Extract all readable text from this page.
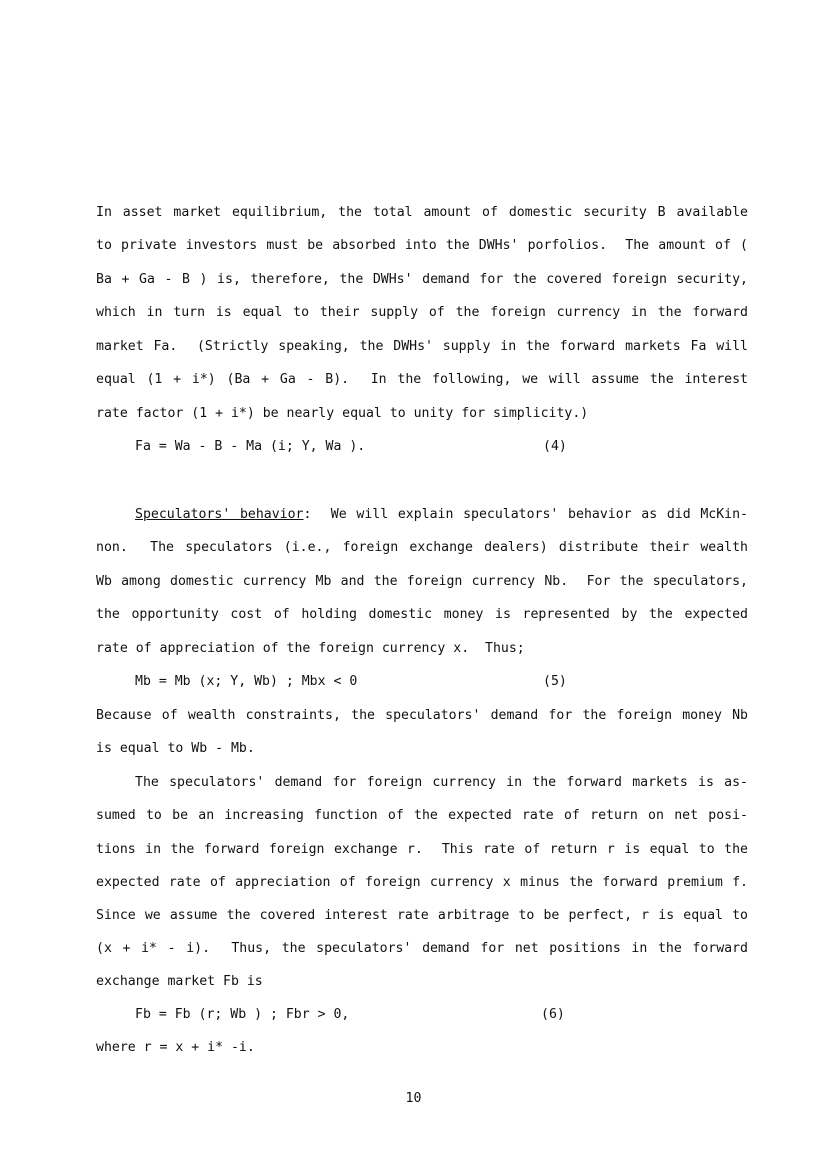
In asset market equilibrium, the total amount of domestic security B available
to private investors must be absorbed into the DWHs' porfolios.  The amount of (
Ba + Ga - B ) is, therefore, the DWHs' demand for the covered foreign security,
which in turn is equal to their supply of the foreign currency in the forward
market Fa.  (Strictly speaking, the DWHs' supply in the forward markets Fa will
equal (1 + i*) (Ba + Ga - B).  In the following, we will assume the interest
rate factor (1 + i*) be nearly equal to unity for simplicity.)
Fa = Wa - B - Ma (i; Y, Wa ).	(4)
Speculators' behavior:  We will explain speculators' behavior as did McKin-
non.  The speculators (i.e., foreign exchange dealers) distribute their wealth
Wb among domestic currency Mb and the foreign currency Nb.  For the speculators,
the opportunity cost of holding domestic money is represented by the expected
rate of appreciation of the foreign currency x.  Thus;
Mb = Mb (x; Y, Wb) ; Mbx < 0	(5)
Because of wealth constraints, the speculators' demand for the foreign money Nb
is equal to Wb - Mb.
The speculators' demand for foreign currency in the forward markets is as-
sumed to be an increasing function of the expected rate of return on net posi-
tions in the forward foreign exchange r.  This rate of return r is equal to the
expected rate of appreciation of foreign currency x minus the forward premium f.
Since we assume the covered interest rate arbitrage to be perfect, r is equal to
(x + i* - i).  Thus, the speculators' demand for net positions in the forward
exchange market Fb is
Fb = Fb (r; Wb ) ; Fbr > 0,	(6)
where r = x + i* -i.
10
